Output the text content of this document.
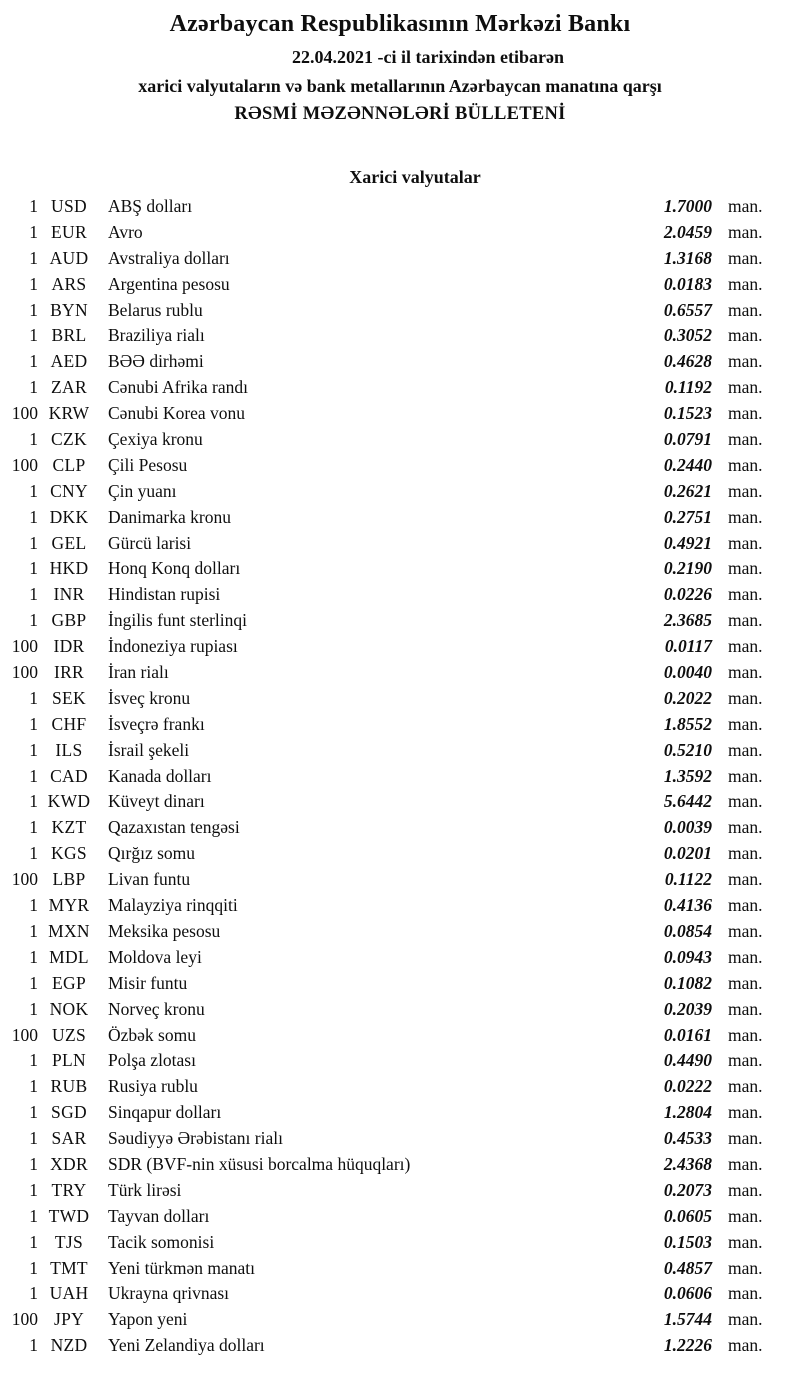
Azərbaycan Respublikasının Mərkəzi Bankı
22.04.2021 -ci il tarixindən etibarən
xarici valyutaların və bank metallarının Azərbaycan manatına qarşı
RƏSMİ MƏZƏNNƏLƏRİ BÜLLETENİ
Xarici valyutalar
1 USD	ABŞ dolları	1.7000 man.
1 EUR	Avro	2.0459 man.
1 AUD	Avstraliya dolları	1.3168 man.
1 ARS	Argentina pesosu	0.0183 man.
1 BYN	Belarus rublu	0.6557 man.
1 BRL	Braziliya rialı	0.3052 man.
1 AED	BƏƏ dirhəmi	0.4628 man.
1 ZAR	Cənubi Afrika randı	0.1192 man.
100 KRW	Cənubi Korea vonu	0.1523 man.
1 CZK	Çexiya kronu	0.0791 man.
100 CLP	Çili Pesosu	0.2440 man.
1 CNY	Çin yuanı	0.2621 man.
1 DKK	Danimarka kronu	0.2751 man.
1 GEL	Gürcü larisi	0.4921 man.
1 HKD	Honq Konq dolları	0.2190 man.
1 INR	Hindistan rupisi	0.0226 man.
1 GBP	İngilis funt sterlinqi	2.3685 man.
100 IDR	İndoneziya rupiası	0.0117 man.
100 IRR	İran rialı	0.0040 man.
1 SEK	İsveç kronu	0.2022 man.
1 CHF	İsveçrə frankı	1.8552 man.
1 ILS	İsrail şekeli	0.5210 man.
1 CAD	Kanada dolları	1.3592 man.
1 KWD	Küveyt dinarı	5.6442 man.
1 KZT	Qazaxıstan tengəsi	0.0039 man.
1 KGS	Qırğız somu	0.0201 man.
100 LBP	Livan funtu	0.1122 man.
1 MYR	Malayziya rinqqiti	0.4136 man.
1 MXN	Meksika pesosu	0.0854 man.
1 MDL	Moldova leyi	0.0943 man.
1 EGP	Misir funtu	0.1082 man.
1 NOK	Norveç kronu	0.2039 man.
100 UZS	Özbək somu	0.0161 man.
1 PLN	Polşa zlotası	0.4490 man.
1 RUB	Rusiya rublu	0.0222 man.
1 SGD	Sinqapur dolları	1.2804 man.
1 SAR	Səudiyyə Ərəbistanı rialı	0.4533 man.
1 XDR	SDR (BVF-nin xüsusi borcalma hüquqları)	2.4368 man.
1 TRY	Türk lirəsi	0.2073 man.
1 TWD	Tayvan dolları	0.0605 man.
1 TJS	Tacik somonisi	0.1503 man.
1 TMT	Yeni türkmən manatı	0.4857 man.
1 UAH	Ukrayna qrivnası	0.0606 man.
100 JPY	Yapon yeni	1.5744 man.
1 NZD	Yeni Zelandiya dolları	1.2226 man.
